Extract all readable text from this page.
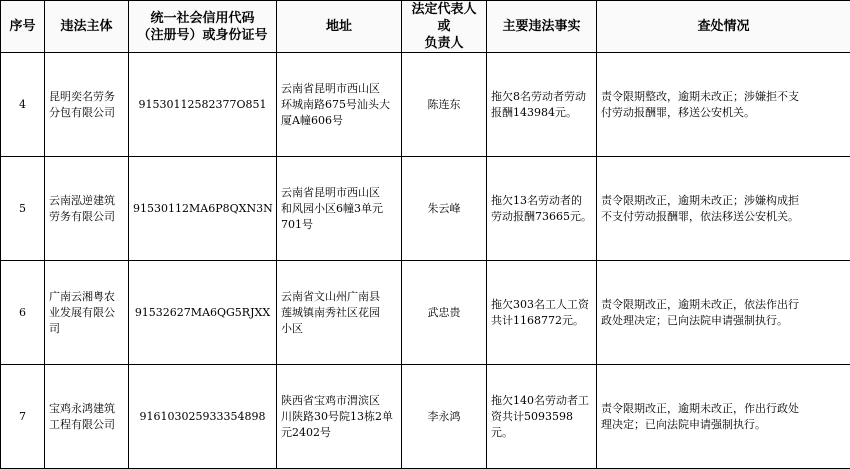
序号	违法主体	统一社会信用代码
（注册号）或身份证号	地址	法定代表人或
负责人	主要违法事实	查处情况
4	昆明奕名劳务
分包有限公司	91530112582377O851	云南省昆明市西山区
环城南路675号汕头大
厦A幢606号	陈连东	拖欠8名劳动者劳动
报酬143984元。	责令限期整改，逾期未改正；涉嫌拒不支
付劳动报酬罪，移送公安机关。
5	云南泓逆建筑
劳务有限公司	91530112MA6P8QXN3N	云南省昆明市西山区
和风园小区6幢3单元
701号	朱云峰	拖欠13名劳动者的
劳动报酬73665元。	责令限期改正，逾期未改正；涉嫌构成拒
不支付劳动报酬罪，依法移送公安机关。
6	广南云湘粤农
业发展有限公
司	91532627MA6QG5RJXX	云南省文山州广南县
莲城镇南秀社区花园
小区	武忠贵	拖欠303名工人工资
共计1168772元。	责令限期改正，逾期未改正，依法作出行
政处理决定；已向法院申请强制执行。
7	宝鸡永鸿建筑
工程有限公司	916103025933354898	陕西省宝鸡市渭滨区
川陕路30号院13栋2单
元2402号	李永鸿	拖欠140名劳动者工
资共计5093598元。	责令限期改正，逾期未改正，作出行政处
理决定；已向法院申请强制执行。
